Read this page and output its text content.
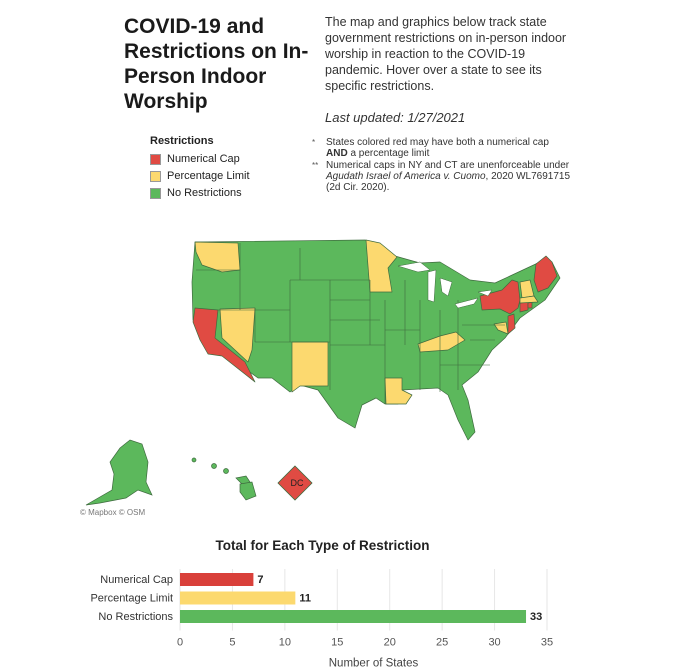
COVID-19 and Restrictions on In-Person Indoor Worship
The map and graphics below track state government restrictions on in-person indoor worship in reaction to the COVID-19 pandemic. Hover over a state to see its specific restrictions.
Last updated: 1/27/2021
Restrictions
Numerical Cap
Percentage Limit
No Restrictions
*	States colored red may have both a numerical cap AND a percentage limit
** Numerical caps in NY and CT are unenforceable under Agudath Israel of America v. Cuomo, 2020 WL7691715 (2d Cir. 2020).
DC
© Mapbox © OSM
Total for Each Type of Restriction
0	5	10	15	20	25	30	35
Numerical Cap	7
Percentage Limit	11
No Restrictions	33
Number of States
